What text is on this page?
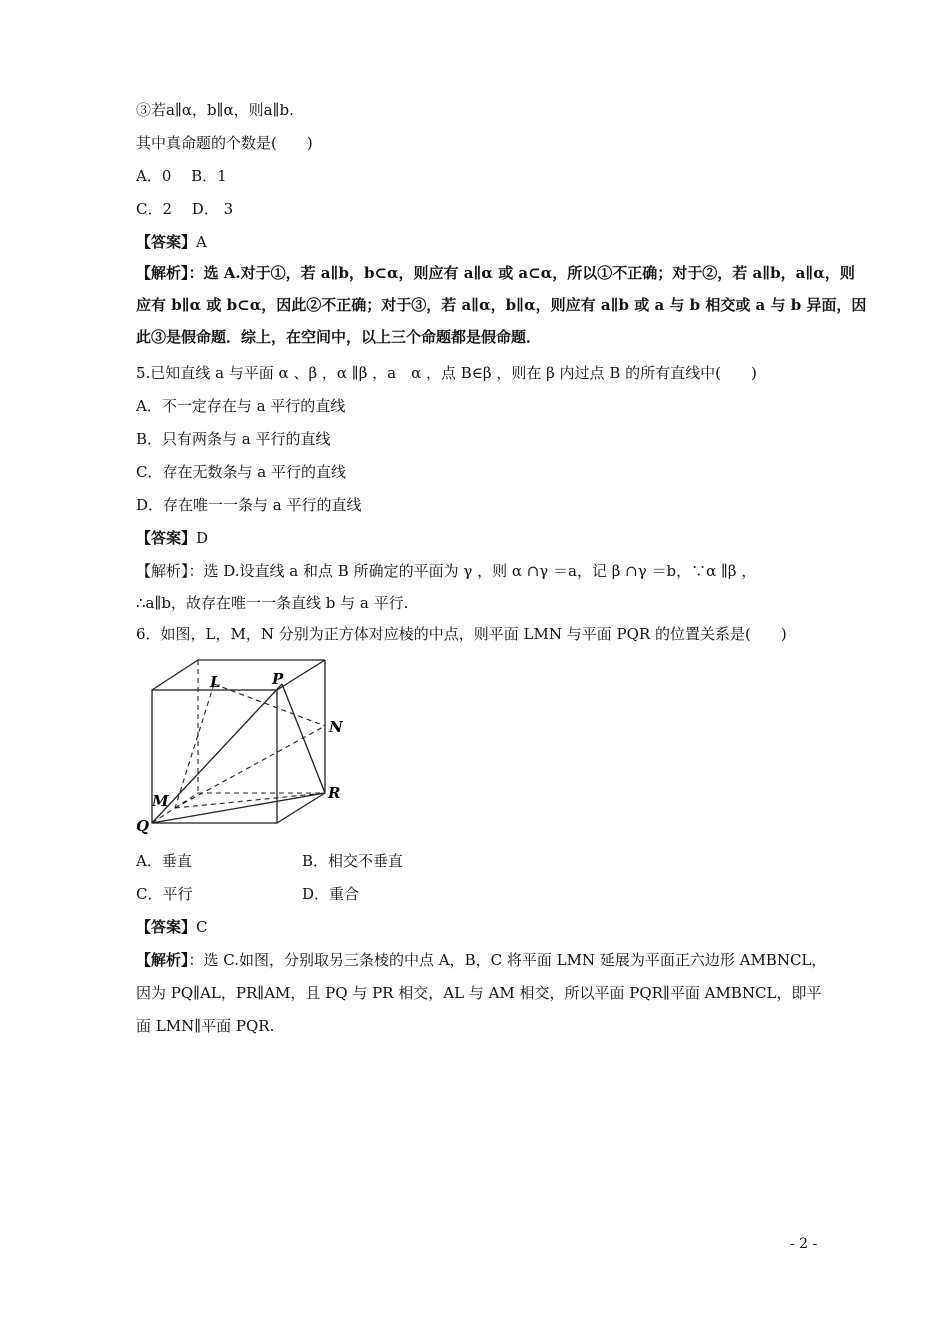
③若a∥α，b∥α，则a∥b.
其中真命题的个数是(　　)
A．0　 B．1
C．2　 D． 3
【答案】A
【解析】：选 A.对于①，若 a∥b，b⊂α，则应有 a∥α 或 a⊂α，所以①不正确；对于②，若 a∥b，a∥α，则
应有 b∥α 或 b⊂α，因此②不正确；对于③，若 a∥α，b∥α，则应有 a∥b 或 a 与 b 相交或 a 与 b 异面，因
此③是假命题．综上，在空间中，以上三个命题都是假命题．
5.已知直线 a 与平面 α 、β ，α ∥β ，a　α ，点 B∈β ，则在 β 内过点 B 的所有直线中(　　)
A．不一定存在与 a 平行的直线
B．只有两条与 a 平行的直线
C．存在无数条与 a 平行的直线
D．存在唯一一条与 a 平行的直线
【答案】D
【解析】：选 D.设直线 a 和点 B 所确定的平面为 γ ，则 α ∩γ ＝a，记 β ∩γ ＝b，∵α ∥β ，
∴a∥b，故存在唯一一条直线 b 与 a 平行.
6．如图，L，M，N 分别为正方体对应棱的中点，则平面 LMN 与平面 PQR 的位置关系是(　　)
L	P
N
R
M
Q
A．垂直	B．相交不垂直
C．平行	D．重合
【答案】C
【解析】：选 C.如图，分别取另三条棱的中点 A，B，C 将平面 LMN 延展为平面正六边形 AMBNCL，
因为 PQ∥AL，PR∥AM，且 PQ 与 PR 相交，AL 与 AM 相交，所以平面 PQR∥平面 AMBNCL，即平
面 LMN∥平面 PQR.
- 2 -
